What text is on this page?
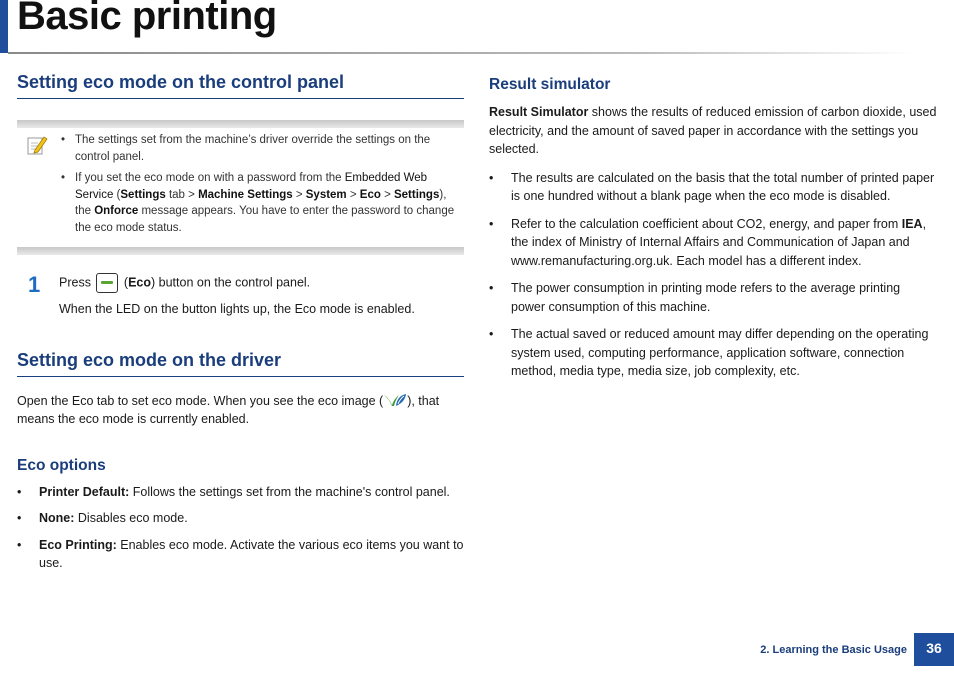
Basic printing
Setting eco mode on the control panel
• The settings set from the machine’s driver override the settings on the control panel.
• If you set the eco mode on with a password from the Embedded Web Service (Settings tab > Machine Settings > System > Eco > Settings), the Onforce message appears. You have to enter the password to change the eco mode status.
1 Press  (Eco) button on the control panel.

When the LED on the button lights up, the Eco mode is enabled.

Setting eco mode on the driver

Open the Eco tab to set eco mode. When you see the eco image ( ), that means the eco mode is currently enabled.

Eco options
• Printer Default: Follows the settings set from the machine's control panel.
• None: Disables eco mode.
• Eco Printing: Enables eco mode. Activate the various eco items you want to use.
Result simulator

Result Simulator shows the results of reduced emission of carbon dioxide, used electricity, and the amount of saved paper in accordance with the settings you selected.

• The results are calculated on the basis that the total number of printed paper is one hundred without a blank page when the eco mode is disabled.
• Refer to the calculation coefficient about CO2, energy, and paper from IEA, the index of Ministry of Internal Affairs and Communication of Japan and www.remanufacturing.org.uk. Each model has a different index.
• The power consumption in printing mode refers to the average printing power consumption of this machine.
• The actual saved or reduced amount may differ depending on the operating system used, computing performance, application software, connection method, media type, media size, job complexity, etc.
2. Learning the Basic Usage	36
